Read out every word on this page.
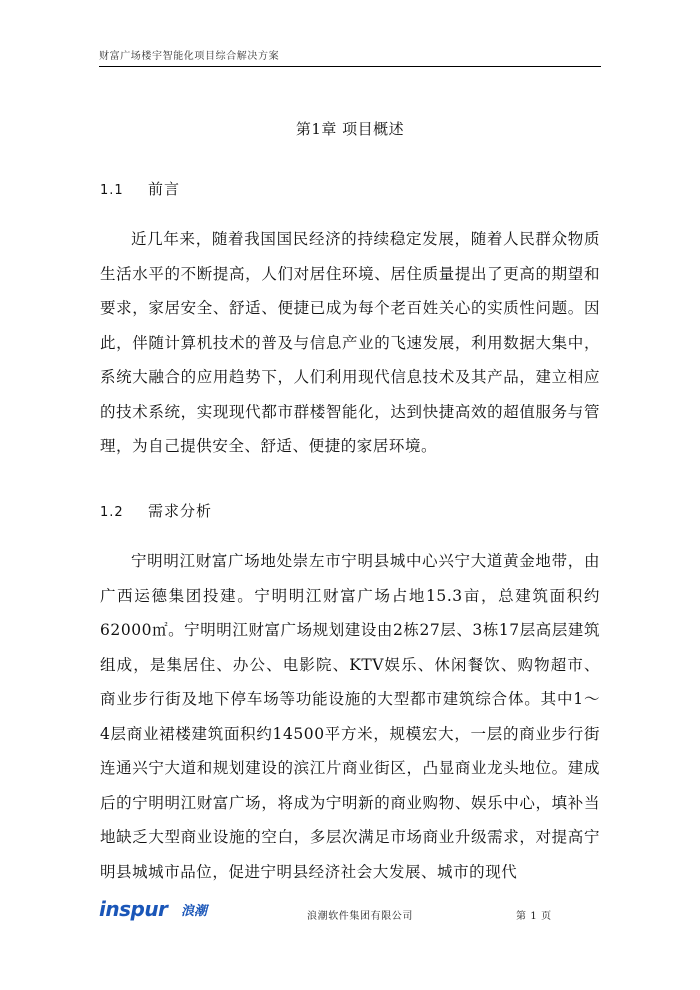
财富广场楼宇智能化项目综合解决方案
第1章 项目概述
1.1 前言

近几年来，随着我国国民经济的持续稳定发展，随着人民群众物质生活水平的不断提高，人们对居住环境、居住质量提出了更高的期望和要求，家居安全、舒适、便捷已成为每个老百姓关心的实质性问题。因此，伴随计算机技术的普及与信息产业的飞速发展，利用数据大集中，系统大融合的应用趋势下，人们利用现代信息技术及其产品，建立相应的技术系统，实现现代都市群楼智能化，达到快捷高效的超值服务与管理，为自己提供安全、舒适、便捷的家居环境。

1.2 需求分析

宁明明江财富广场地处崇左市宁明县城中心兴宁大道黄金地带，由广西运德集团投建。宁明明江财富广场占地15.3亩，总建筑面积约62000㎡。宁明明江财富广场规划建设由2栋27层、3栋17层高层建筑组成，是集居住、办公、电影院、KTV娱乐、休闲餐饮、购物超市、商业步行街及地下停车场等功能设施的大型都市建筑综合体。其中1～4层商业裙楼建筑面积约14500平方米，规模宏大，一层的商业步行街连通兴宁大道和规划建设的滨江片商业街区，凸显商业龙头地位。建成后的宁明明江财富广场，将成为宁明新的商业购物、娱乐中心，填补当地缺乏大型商业设施的空白，多层次满足市场商业升级需求，对提高宁明县城城市品位，促进宁明县经济社会大发展、城市的现代

inspur 浪潮	浪潮软件集团有限公司	第 1 页
